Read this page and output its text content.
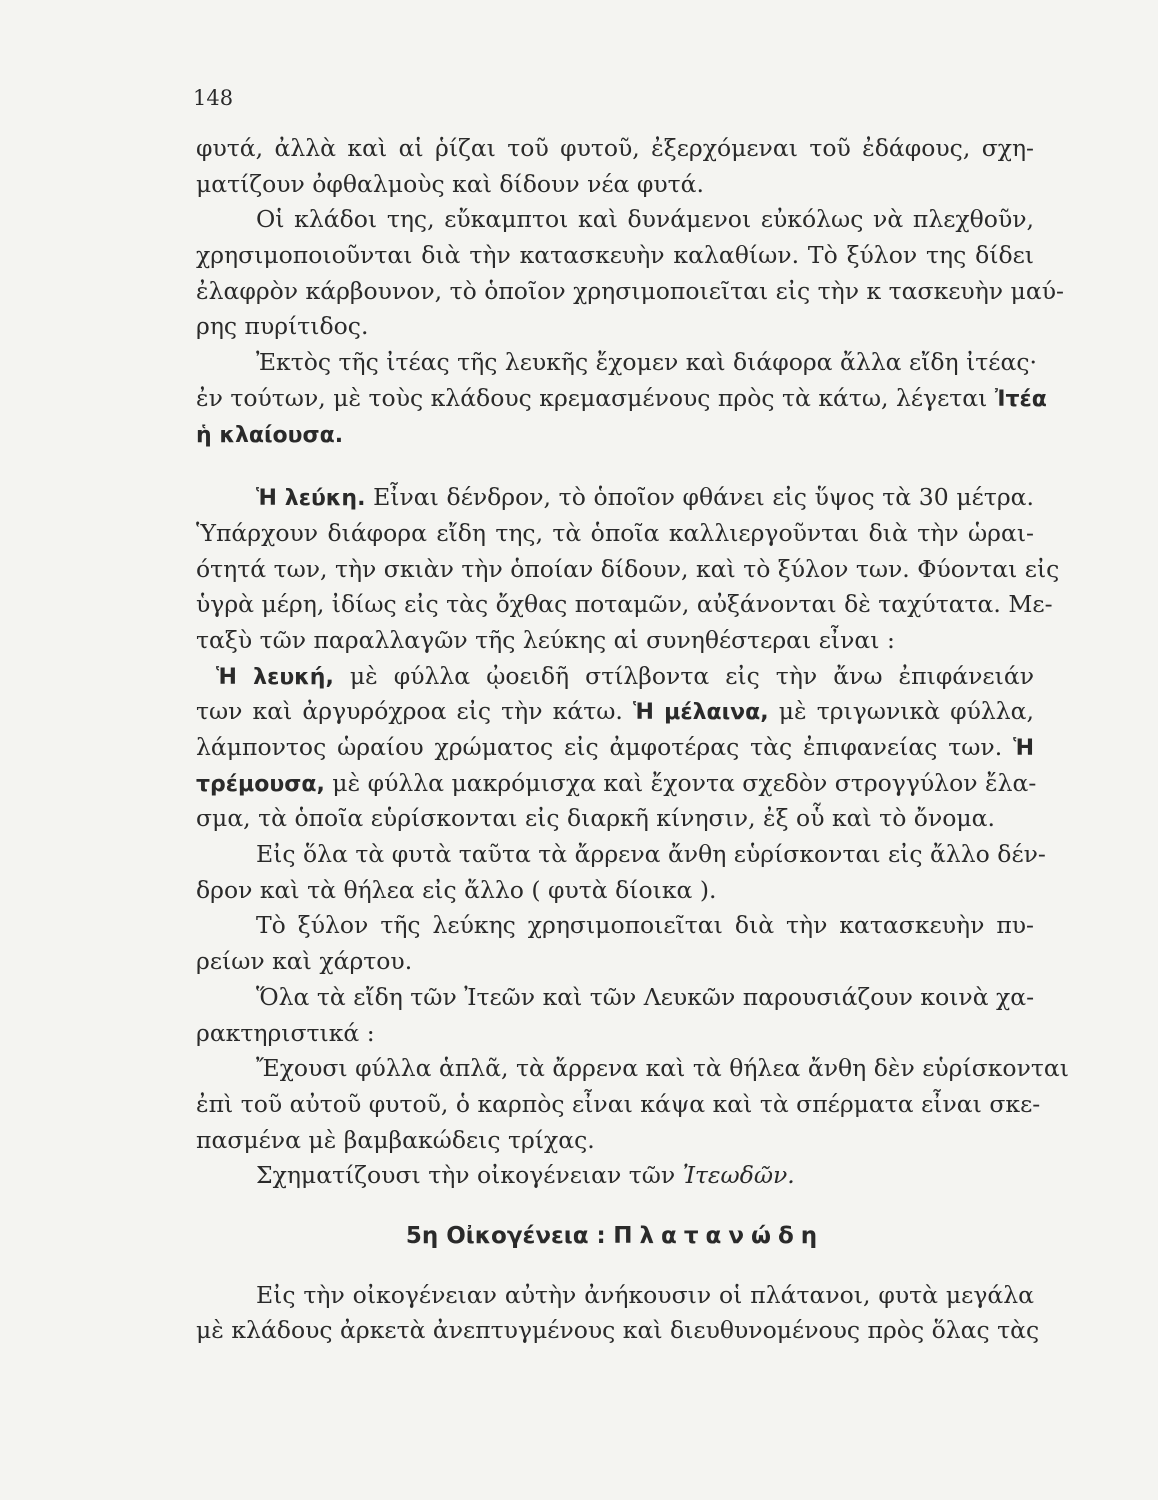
148
φυτά, ἀλλὰ καὶ αἱ ῥίζαι τοῦ φυτοῦ, ἐξερχόμεναι τοῦ ἐδάφους, σχη-
ματίζουν ὀφθαλμοὺς καὶ δίδουν νέα φυτά.
Οἱ κλάδοι της, εὔκαμπτοι καὶ δυνάμενοι εὐκόλως νὰ πλεχθοῦν,
χρησιμοποιοῦνται διὰ τὴν κατασκευὴν καλαθίων. Τὸ ξύλον της δίδει
ἐλαφρὸν κάρβουνον, τὸ ὁποῖον χρησιμοποιεῖται εἰς τὴν κ τασκευὴν μαύ-
ρης πυρίτιδος.
Ἐκτὸς τῆς ἰτέας τῆς λευκῆς ἔχομεν καὶ διάφορα ἄλλα εἴδη ἰτέας·
ἐν τούτων, μὲ τοὺς κλάδους κρεμασμένους πρὸς τὰ κάτω, λέγεται Ἰτέα
ἡ κλαίουσα.
Ἡ λεύκη. Εἶναι δένδρον, τὸ ὁποῖον φθάνει εἰς ὕψος τὰ 30 μέτρα.
Ὑπάρχουν διάφορα εἴδη της, τὰ ὁποῖα καλλιεργοῦνται διὰ τὴν ὡραι-
ότητά των, τὴν σκιὰν τὴν ὁποίαν δίδουν, καὶ τὸ ξύλον των. Φύονται εἰς
ὑγρὰ μέρη, ἰδίως εἰς τὰς ὄχθας ποταμῶν, αὐξάνονται δὲ ταχύτατα. Με-
ταξὺ τῶν παραλλαγῶν τῆς λεύκης αἱ συνηθέστεραι εἶναι :
Ἡ λευκή, μὲ φύλλα ᾠοειδῆ στίλβοντα εἰς τὴν ἄνω ἐπιφάνειάν
των καὶ ἀργυρόχροα εἰς τὴν κάτω. Ἡ μέλαινα, μὲ τριγωνικὰ φύλλα,
λάμποντος ὡραίου χρώματος εἰς ἀμφοτέρας τὰς ἐπιφανείας των. Ἡ
τρέμουσα, μὲ φύλλα μακρόμισχα καὶ ἔχοντα σχεδὸν στρογγύλον ἔλα-
σμα, τὰ ὁποῖα εὑρίσκονται εἰς διαρκῆ κίνησιν, ἐξ οὗ καὶ τὸ ὄνομα.
Εἰς ὅλα τὰ φυτὰ ταῦτα τὰ ἄρρενα ἄνθη εὑρίσκονται εἰς ἄλλο δέν-
δρον καὶ τὰ θήλεα εἰς ἄλλο ( φυτὰ δίοικα ).
Τὸ ξύλον τῆς λεύκης χρησιμοποιεῖται διὰ τὴν κατασκευὴν πυ-
ρείων καὶ χάρτου.
Ὅλα τὰ εἴδη τῶν Ἰτεῶν καὶ τῶν Λευκῶν παρουσιάζουν κοινὰ χα-
ρακτηριστικά :
Ἔχουσι φύλλα ἁπλᾶ, τὰ ἄρρενα καὶ τὰ θήλεα ἄνθη δὲν εὑρίσκονται
ἐπὶ τοῦ αὐτοῦ φυτοῦ, ὁ καρπὸς εἶναι κάψα καὶ τὰ σπέρματα εἶναι σκε-
πασμένα μὲ βαμβακώδεις τρίχας.
Σχηματίζουσι τὴν οἰκογένειαν τῶν Ἰτεωδῶν.
5η Οἰκογένεια : Πλατανώδη
Εἰς τὴν οἰκογένειαν αὐτὴν ἀνήκουσιν οἱ πλάτανοι, φυτὰ μεγάλα
μὲ κλάδους ἀρκετὰ ἀνεπτυγμένους καὶ διευθυνομένους πρὸς ὅλας τὰς
